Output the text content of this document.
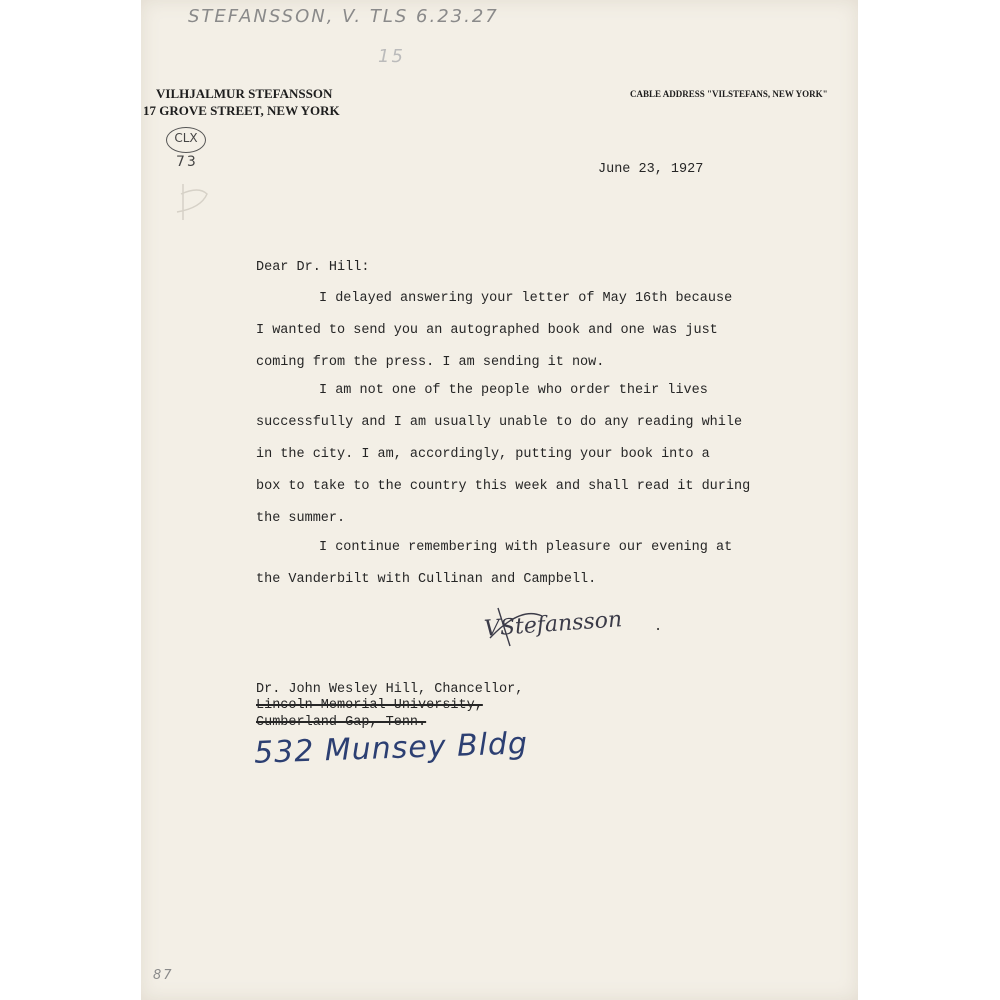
STEFANSSON, V. TLS 6.23.27
15
VILHJALMUR STEFANSSON
17 GROVE STREET, NEW YORK
CABLE ADDRESS "VILSTEFANS, NEW YORK"
CLX
73	June 23, 1927
Dear Dr. Hill:

I delayed answering your letter of May 16th because

I wanted to send you an autographed book and one was just

coming from the press. I am sending it now.

I am not one of the people who order their lives

successfully and I am usually unable to do any reading while

in the city. I am, accordingly, putting your book into a

box to take to the country this week and shall read it during

the summer.

I continue remembering with pleasure our evening at

the Vanderbilt with Cullinan and Campbell.

VStefansson .
Dr. John Wesley Hill, Chancellor,
Lincoln Memorial University,
Cumberland Gap, Tenn.
532 Munsey Bldg
87
